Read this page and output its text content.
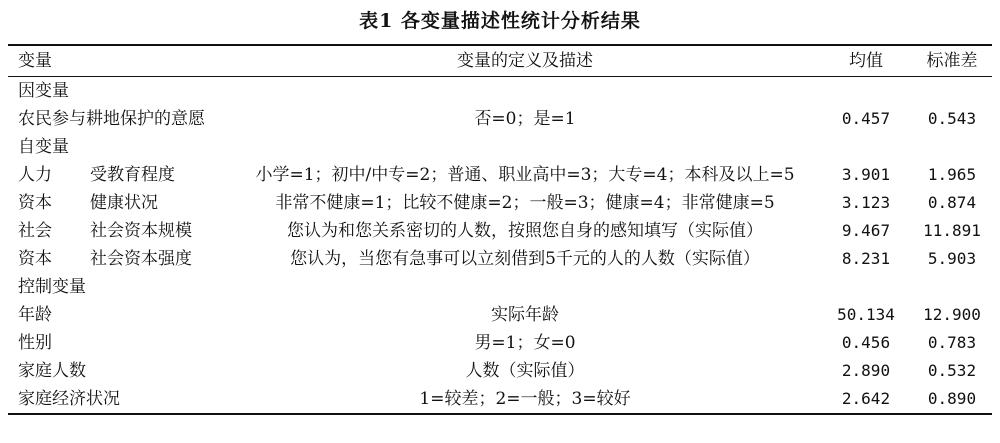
表1 各变量描述性统计分析结果
变量	变量的定义及描述	均值	标准差
因变量
农民参与耕地保护的意愿	否=0；是=1	0.457	0.543
自变量
人力 受教育程度	小学=1；初中/中专=2；普通、职业高中=3；大专=4；本科及以上=5	3.901	1.965
资本 健康状况	非常不健康=1；比较不健康=2；一般=3；健康=4；非常健康=5	3.123	0.874
社会 社会资本规模	您认为和您关系密切的人数，按照您自身的感知填写（实际值）	9.467	11.891
资本 社会资本强度	您认为，当您有急事可以立刻借到5千元的人的人数（实际值）	8.231	5.903
控制变量
年龄	实际年龄	50.134	12.900
性别	男=1；女=0	0.456	0.783
家庭人数	人数（实际值）	2.890	0.532
家庭经济状况	1=较差；2=一般；3=较好	2.642	0.890
